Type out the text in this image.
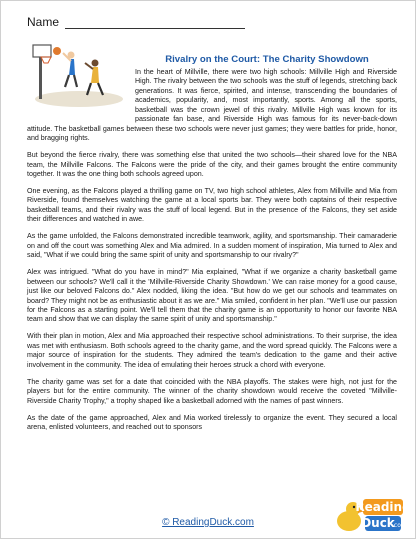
Name
Rivalry on the Court: The Charity Showdown

In the heart of Millville, there were two high schools: Millville High and Riverside High. The rivalry between the two schools was the stuff of legends, stretching back generations. It was fierce, spirited, and intense, transcending the boundaries of academics, popularity, and, most importantly, sports. Among all the sports, basketball was the crown jewel of this rivalry. Millville High was known for its passionate fan base, and Riverside High was famous for its never-back-down attitude. The basketball games between these two schools were never just games; they were battles for pride, honor, and bragging rights.

But beyond the fierce rivalry, there was something else that united the two schools—their shared love for the NBA team, the Millville Falcons. The Falcons were the pride of the city, and their games brought the entire community together. It was the one thing both schools agreed upon.

One evening, as the Falcons played a thrilling game on TV, two high school athletes, Alex from Millville and Mia from Riverside, found themselves watching the game at a local sports bar. They were both captains of their respective basketball teams, and their rivalry was the stuff of local legend. But in the presence of the Falcons, they set aside their differences and watched in awe.

As the game unfolded, the Falcons demonstrated incredible teamwork, agility, and sportsmanship. Their camaraderie on and off the court was something Alex and Mia admired. In a sudden moment of inspiration, Mia turned to Alex and said, "What if we could bring the same spirit of unity and sportsmanship to our rivalry?"

Alex was intrigued. "What do you have in mind?" Mia explained, "What if we organize a charity basketball game between our schools? We'll call it the 'Millville-Riverside Charity Showdown.' We can raise money for a good cause, just like our beloved Falcons do." Alex nodded, liking the idea. "But how do we get our schools and teammates on board? They might not be as enthusiastic about it as we are." Mia smiled, confident in her plan. "We'll use our passion for the Falcons as a starting point. We'll tell them that the charity game is an opportunity to honor our favorite NBA team and show that we can display the same spirit of unity and sportsmanship."

With their plan in motion, Alex and Mia approached their respective school administrations. To their surprise, the idea was met with enthusiasm. Both schools agreed to the charity game, and the word spread quickly. The Falcons were a major source of inspiration for the students. They admired the team's dedication to the game and their active involvement in the community. The idea of emulating their heroes struck a chord with everyone.

The charity game was set for a date that coincided with the NBA playoffs. The stakes were high, not just for the players but for the entire community. The winner of the charity showdown would receive the coveted "Millville-Riverside Charity Trophy," a trophy shaped like a basketball adorned with the names of past winners.

As the date of the game approached, Alex and Mia worked tirelessly to organize the event. They secured a local arena, enlisted volunteers, and reached out to sponsors

© ReadingDuck.com
Reading
Duck
.com
